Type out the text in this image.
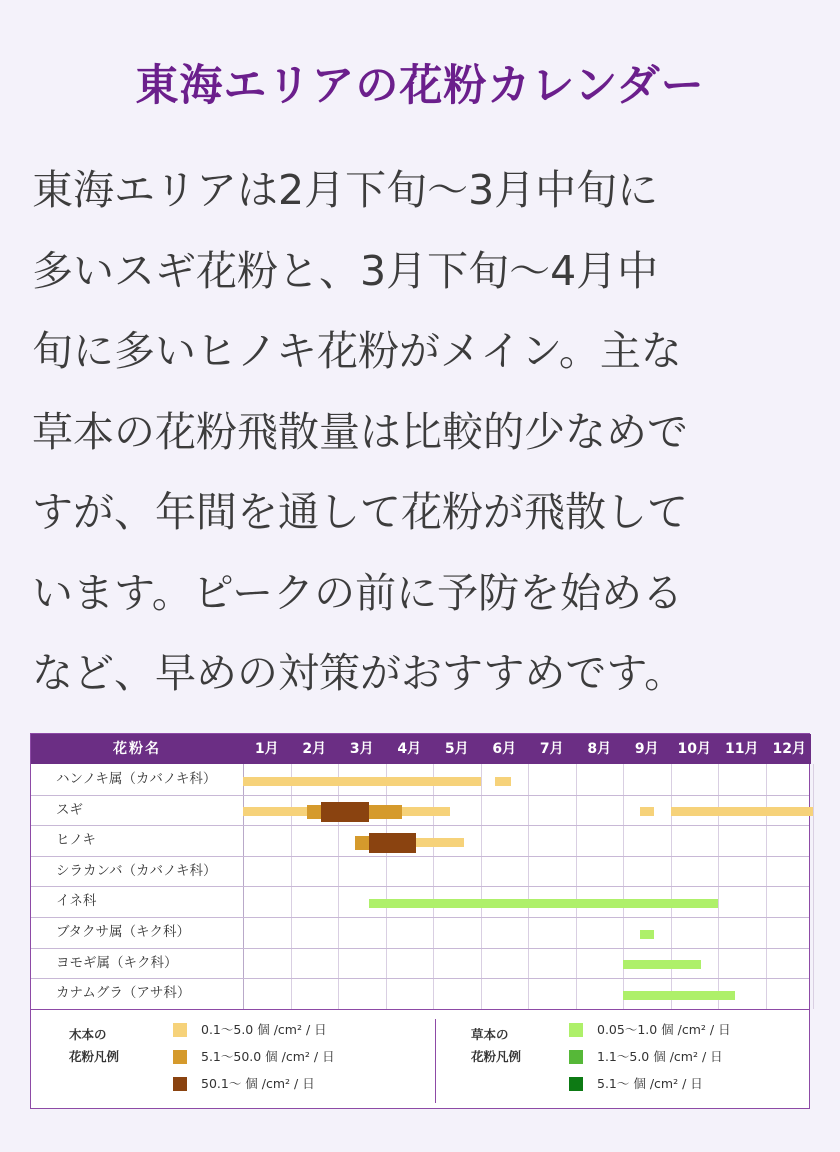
東海エリアの花粉カレンダー
東海エリアは2月下旬〜3月中旬に
多いスギ花粉と、3月下旬〜4月中
旬に多いヒノキ花粉がメイン。主な
草本の花粉飛散量は比較的少なめで
すが、年間を通して花粉が飛散して
います。ピークの前に予防を始める
など、早めの対策がおすすめです。
花粉名	1月	2月	3月	4月	5月	6月	7月	8月	9月	10月	11月	12月
ハンノキ属（カバノキ科）
スギ
ヒノキ
シラカンバ（カバノキ科）
イネ科
ブタクサ属（キク科）
ヨモギ属（キク科）
カナムグラ（アサ科）
木本の
花粉凡例
0.1〜5.0 個 /cm² / 日
5.1〜50.0 個 /cm² / 日
50.1〜 個 /cm² / 日
草本の
花粉凡例
0.05〜1.0 個 /cm² / 日
1.1〜5.0 個 /cm² / 日
5.1〜 個 /cm² / 日
